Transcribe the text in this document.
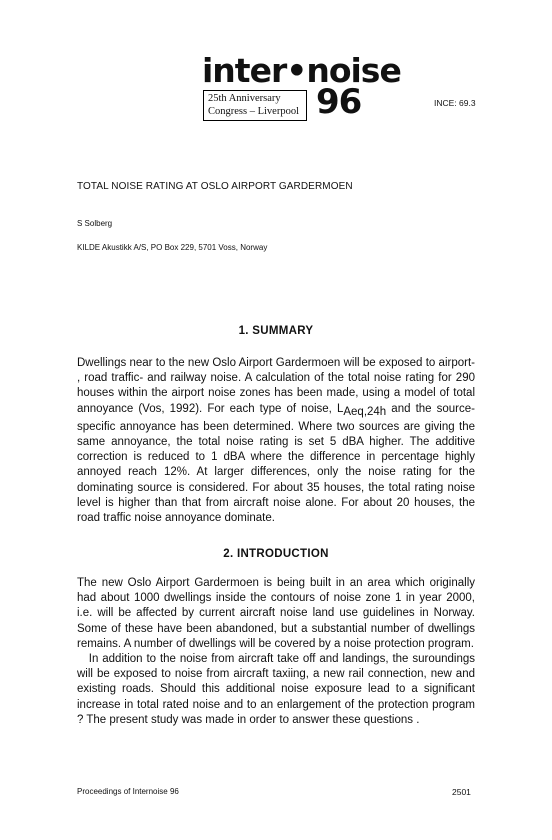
inter•noise
25th Anniversary
Congress – Liverpool 96	INCE: 69.3
TOTAL NOISE RATING AT OSLO AIRPORT GARDERMOEN
S Solberg
KILDE Akustikk A/S, PO Box 229, 5701 Voss, Norway
1. SUMMARY

Dwellings near to the new Oslo Airport Gardermoen will be exposed to airport- , road traffic- and railway noise. A calculation of the total noise rating for 290 houses within the airport noise zones has been made, using a model of total annoyance (Vos, 1992). For each type of noise, LAeq,24h and the source- specific annoyance has been determined. Where two sources are giving the same annoyance, the total noise rating is set 5 dBA higher. The additive correction is reduced to 1 dBA where the difference in percentage highly annoyed reach 12%. At larger differences, only the noise rating for the dominating source is considered. For about 35 houses, the total rating noise level is higher than that from aircraft noise alone. For about 20 houses, the road traffic noise annoyance dominate.

2. INTRODUCTION

The new Oslo Airport Gardermoen is being built in an area which originally had about 1000 dwellings inside the contours of noise zone 1 in year 2000, i.e. will be affected by current aircraft noise land use guidelines in Norway. Some of these have been abandoned, but a substantial number of dwellings remains. A number of dwellings will be covered by a noise protection program.
In addition to the noise from aircraft take off and landings, the suroundings will be exposed to noise from aircraft taxiing, a new rail connection, new and existing roads. Should this additional noise exposure lead to a significant increase in total rated noise and to an enlargement of the protection program ? The present study was made in order to answer these questions .

Proceedings of Internoise 96	2501
